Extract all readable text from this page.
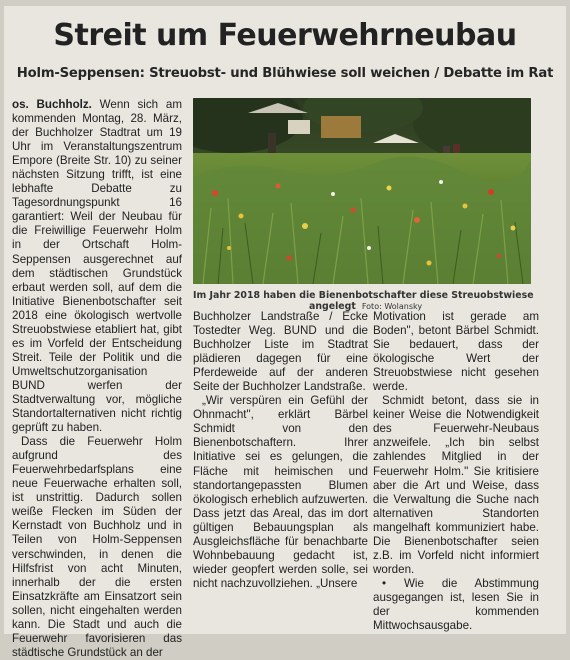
Streit um Feuerwehrneubau
Holm-Seppensen: Streuobst- und Blühwiese soll weichen / Debatte im Rat

os. Buchholz. Wenn sich am kommenden Montag, 28. März, der Buchholzer Stadtrat um 19 Uhr im Veranstaltungszentrum Empore (Breite Str. 10) zu seiner nächsten Sitzung trifft, ist eine lebhafte Debatte zu Tagesordnungspunkt 16 garantiert: Weil der Neubau für die Freiwillige Feuerwehr Holm in der Ortschaft Holm-Seppensen ausgerechnet auf dem städtischen Grundstück erbaut werden soll, auf dem die Initiative Bienenbotschafter seit 2018 eine ökologisch wertvolle Streuobstwiese etabliert hat, gibt es im Vorfeld der Entscheidung Streit. Teile der Politik und die Umweltschutzorganisation BUND werfen der Stadtverwaltung vor, mögliche Standortalternativen nicht richtig geprüft zu haben.

Dass die Feuerwehr Holm aufgrund des Feuerwehrbedarfsplans eine neue Feuerwache erhalten soll, ist unstrittig. Dadurch sollen weiße Flecken im Süden der Kernstadt von Buchholz und in Teilen von Holm-Seppensen verschwinden, in denen die Hilfsfrist von acht Minuten, innerhalb der die ersten Einsatzkräfte am Einsatzort sein sollen, nicht eingehalten werden kann. Die Stadt und auch die Feuerwehr favorisieren das städtische Grundstück an der

Im Jahr 2018 haben die Bienenbotschafter diese Streuobstwiese
angelegt Foto: Wolansky

Buchholzer Landstraße / Ecke Tostedter Weg. BUND und die Buchholzer Liste im Stadtrat plädieren dagegen für eine Pferdeweide auf der anderen Seite der Buchholzer Landstraße.

„Wir verspüren ein Gefühl der Ohnmacht", erklärt Bärbel Schmidt von den Bienenbotschaftern. Ihrer Initiative sei es gelungen, die Fläche mit heimischen und standortangepassten Blumen ökologisch erheblich aufzuwerten. Dass jetzt das Areal, das im dort gültigen Bebauungsplan als Ausgleichsfläche für benachbarte Wohnbebauung gedacht ist, wieder geopfert werden solle, sei nicht nachzuvollziehen. „Unsere

Motivation ist gerade am Boden", betont Bärbel Schmidt. Sie bedauert, dass der ökologische Wert der Streuobstwiese nicht gesehen werde.

Schmidt betont, dass sie in keiner Weise die Notwendigkeit des Feuerwehr-Neubaus anzweifele. „Ich bin selbst zahlendes Mitglied in der Feuerwehr Holm." Sie kritisiere aber die Art und Weise, dass die Verwaltung die Suche nach alternativen Standorten mangelhaft kommuniziert habe. Die Bienenbotschafter seien z.B. im Vorfeld nicht informiert worden.

• Wie die Abstimmung ausgegangen ist, lesen Sie in der kommenden Mittwochsausgabe.
